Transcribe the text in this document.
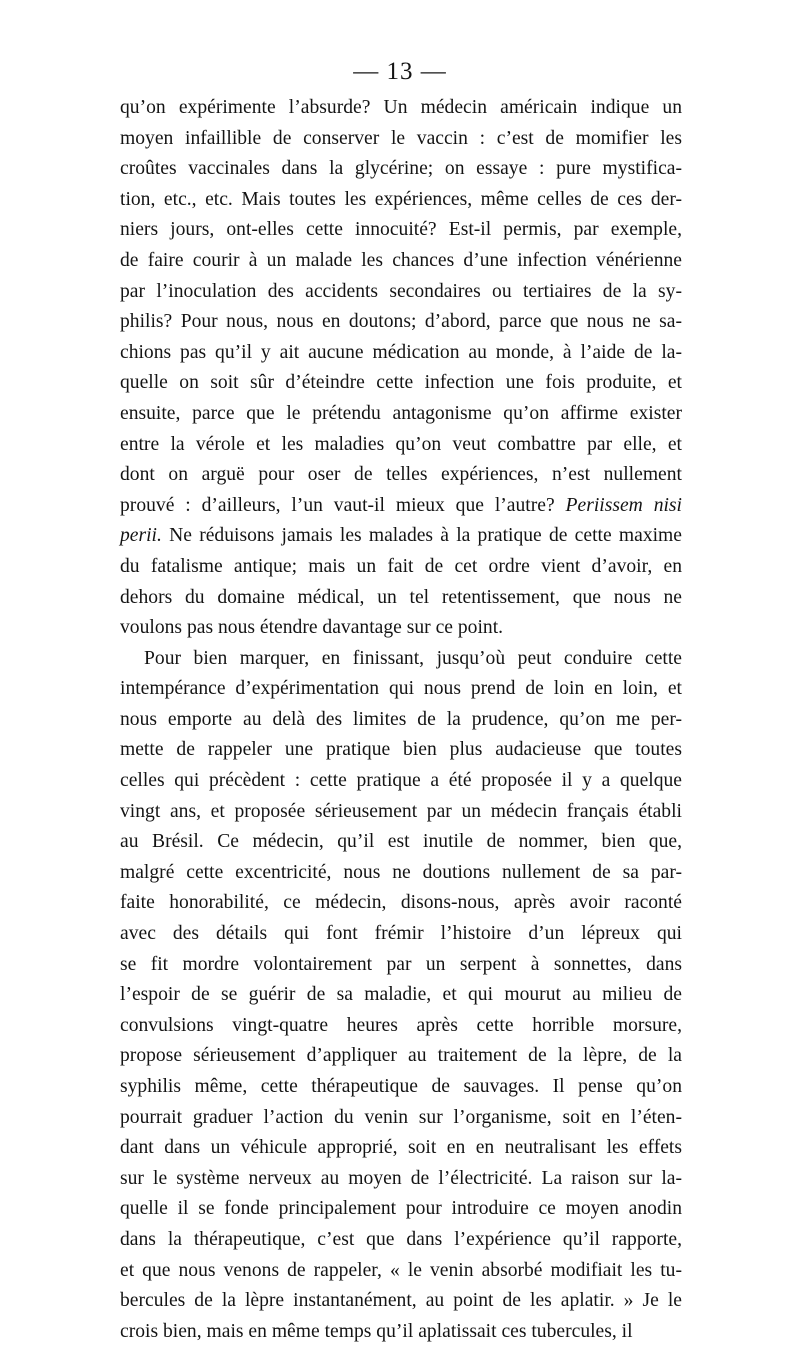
— 13 —
qu’on expérimente l’absurde? Un médecin américain indique un
moyen infaillible de conserver le vaccin : c’est de momifier les
croûtes vaccinales dans la glycérine; on essaye : pure mystifica-
tion, etc., etc. Mais toutes les expériences, même celles de ces der-
niers jours, ont-elles cette innocuité? Est-il permis, par exemple,
de faire courir à un malade les chances d’une infection vénérienne
par l’inoculation des accidents secondaires ou tertiaires de la sy-
philis? Pour nous, nous en doutons; d’abord, parce que nous ne sa-
chions pas qu’il y ait aucune médication au monde, à l’aide de la-
quelle on soit sûr d’éteindre cette infection une fois produite, et
ensuite, parce que le prétendu antagonisme qu’on affirme exister
entre la vérole et les maladies qu’on veut combattre par elle, et
dont on arguë pour oser de telles expériences, n’est nullement
prouvé : d’ailleurs, l’un vaut-il mieux que l’autre? Periissem nisi
perii. Ne réduisons jamais les malades à la pratique de cette maxime
du fatalisme antique; mais un fait de cet ordre vient d’avoir, en
dehors du domaine médical, un tel retentissement, que nous ne
voulons pas nous étendre davantage sur ce point.
Pour bien marquer, en finissant, jusqu’où peut conduire cette
intempérance d’expérimentation qui nous prend de loin en loin, et
nous emporte au delà des limites de la prudence, qu’on me per-
mette de rappeler une pratique bien plus audacieuse que toutes
celles qui précèdent : cette pratique a été proposée il y a quelque
vingt ans, et proposée sérieusement par un médecin français établi
au Brésil. Ce médecin, qu’il est inutile de nommer, bien que,
malgré cette excentricité, nous ne doutions nullement de sa par-
faite honorabilité, ce médecin, disons-nous, après avoir raconté
avec des détails qui font frémir l’histoire d’un lépreux qui
se fit mordre volontairement par un serpent à sonnettes, dans
l’espoir de se guérir de sa maladie, et qui mourut au milieu de
convulsions vingt-quatre heures après cette horrible morsure,
propose sérieusement d’appliquer au traitement de la lèpre, de la
syphilis même, cette thérapeutique de sauvages. Il pense qu’on
pourrait graduer l’action du venin sur l’organisme, soit en l’éten-
dant dans un véhicule approprié, soit en en neutralisant les effets
sur le système nerveux au moyen de l’électricité. La raison sur la-
quelle il se fonde principalement pour introduire ce moyen anodin
dans la thérapeutique, c’est que dans l’expérience qu’il rapporte,
et que nous venons de rappeler, « le venin absorbé modifiait les tu-
bercules de la lèpre instantanément, au point de les aplatir. » Je le
crois bien, mais en même temps qu’il aplatissait ces tubercules, il
